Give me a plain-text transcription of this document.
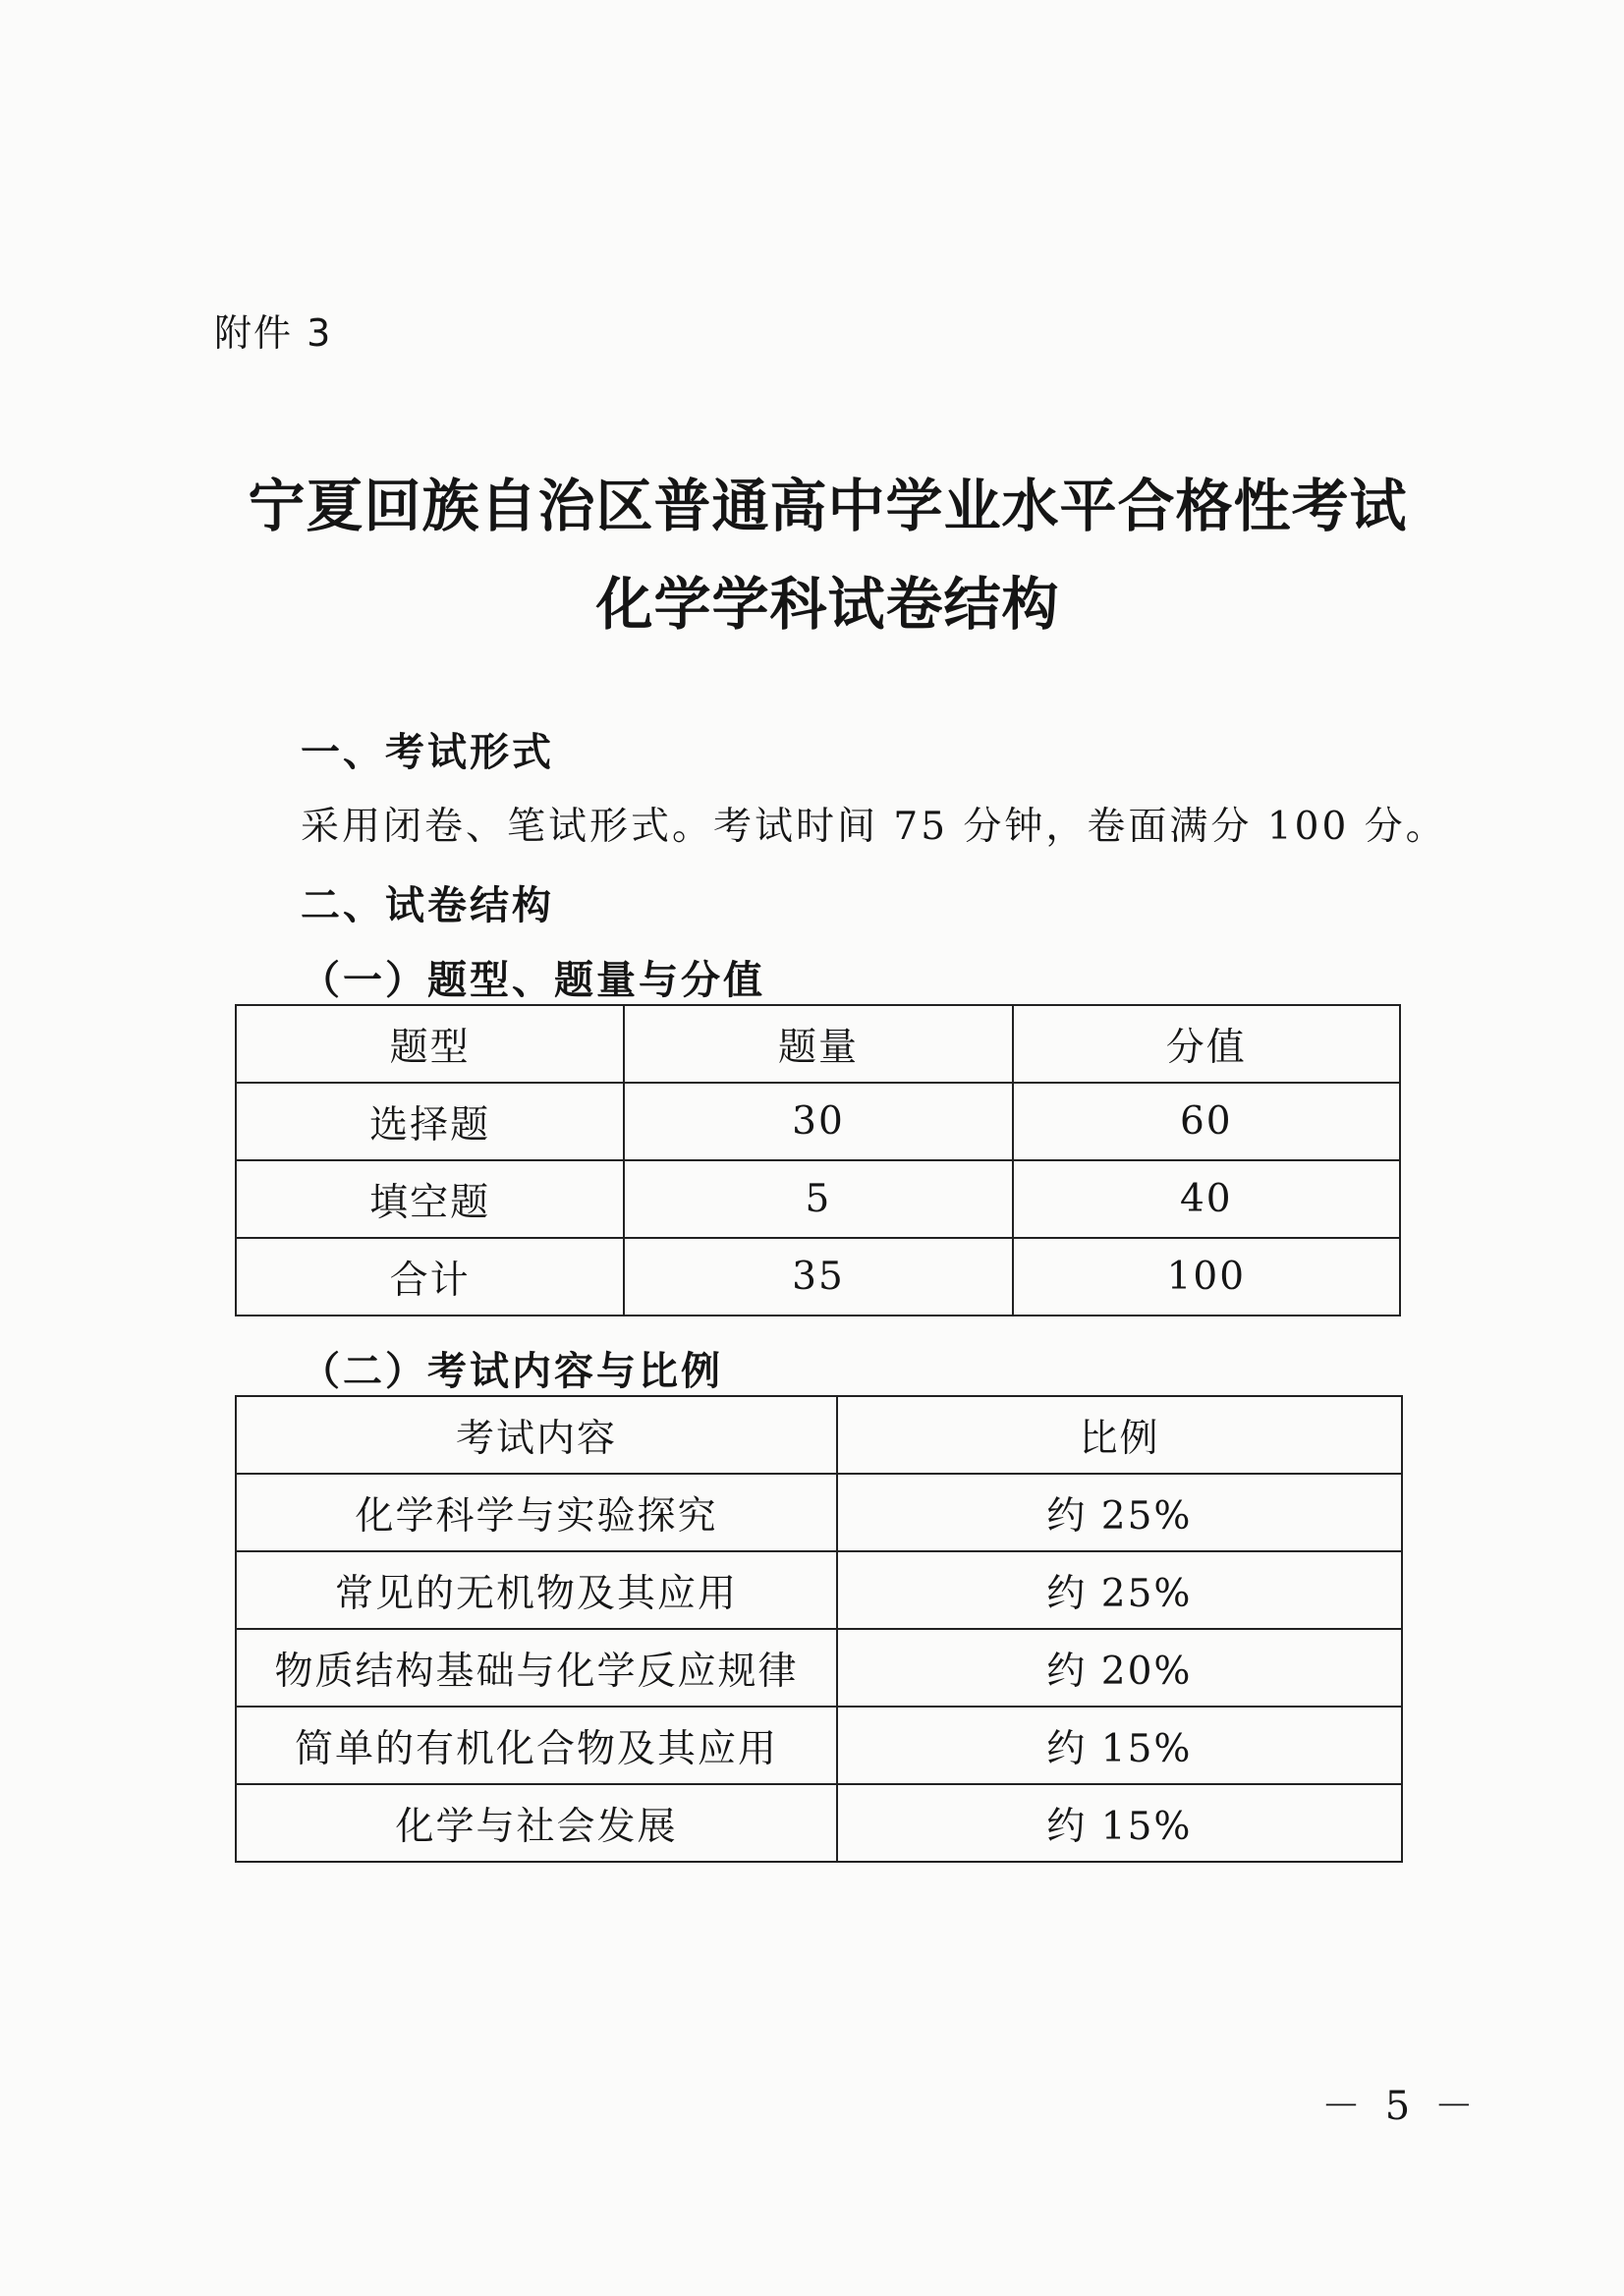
附件 3
宁夏回族自治区普通高中学业水平合格性考试
化学学科试卷结构
一、考试形式
采用闭卷、笔试形式。考试时间 75 分钟，卷面满分 100 分。
二、试卷结构
（一）题型、题量与分值
题型	题量	分值
选择题	30	60
填空题	5	40
合计	35	100
（二）考试内容与比例
考试内容	比例
化学科学与实验探究	约 25%
常见的无机物及其应用	约 25%
物质结构基础与化学反应规律	约 20%
简单的有机化合物及其应用	约 15%
化学与社会发展	约 15%
－ 5 －
